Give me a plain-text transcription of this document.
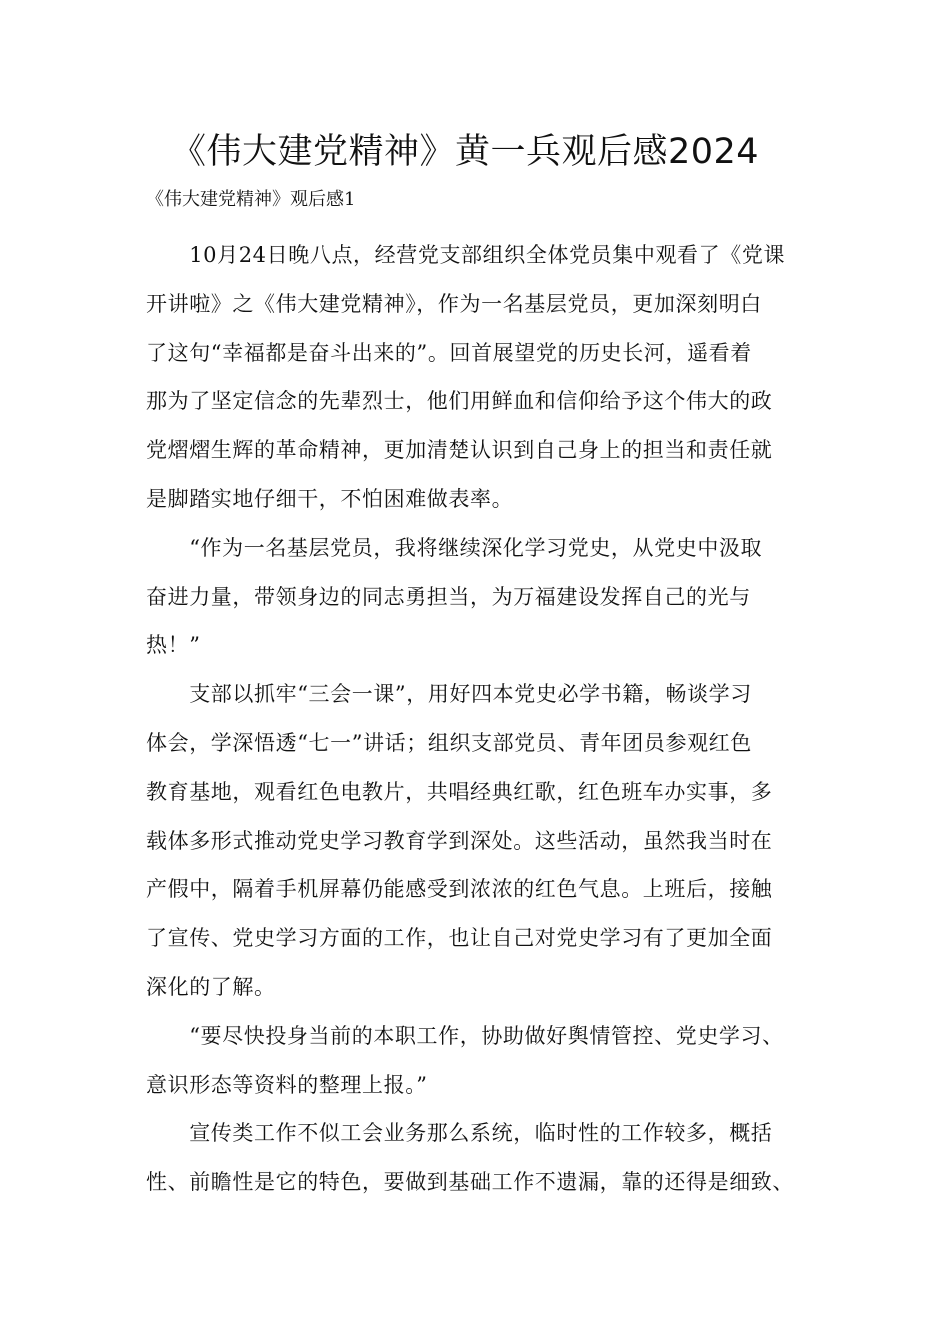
《伟大建党精神》黄一兵观后感2024
《伟大建党精神》观后感1

　　10月24日晚八点，经营党支部组织全体党员集中观看了《党课

开讲啦》之《伟大建党精神》，作为一名基层党员，更加深刻明白

了这句“幸福都是奋斗出来的”。回首展望党的历史长河，遥看着

那为了坚定信念的先辈烈士，他们用鲜血和信仰给予这个伟大的政

党熠熠生辉的革命精神，更加清楚认识到自己身上的担当和责任就

是脚踏实地仔细干，不怕困难做表率。

　　“作为一名基层党员，我将继续深化学习党史，从党史中汲取

奋进力量，带领身边的同志勇担当，为万福建设发挥自己的光与

热！”

　　支部以抓牢“三会一课”，用好四本党史必学书籍，畅谈学习

体会，学深悟透“七一”讲话；组织支部党员、青年团员参观红色

教育基地，观看红色电教片，共唱经典红歌，红色班车办实事，多

载体多形式推动党史学习教育学到深处。这些活动，虽然我当时在

产假中，隔着手机屏幕仍能感受到浓浓的红色气息。上班后，接触

了宣传、党史学习方面的工作，也让自己对党史学习有了更加全面

深化的了解。

　　“要尽快投身当前的本职工作，协助做好舆情管控、党史学习、

意识形态等资料的整理上报。”

　　宣传类工作不似工会业务那么系统，临时性的工作较多，概括

性、前瞻性是它的特色，要做到基础工作不遗漏，靠的还得是细致、
